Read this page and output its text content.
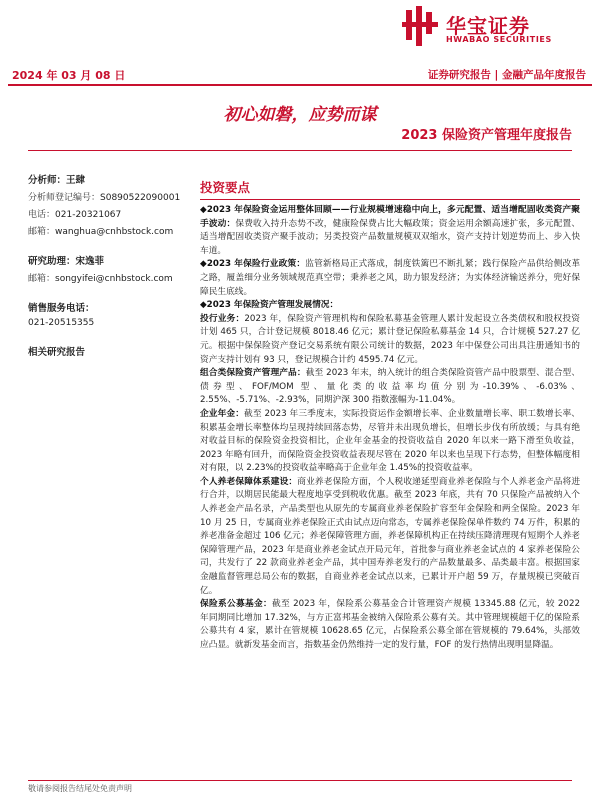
华宝证券
HWABAO SECURITIES
2024 年 03 月 08 日	证券研究报告 | 金融产品年度报告
初心如磐，应势而谋
2023 保险资产管理年度报告
分析师：王肆
分析师登记编号：S0890522090001
电话：021-20321067
邮箱：wanghua@cnhbstock.com
研究助理：宋逸菲
邮箱：songyifei@cnhbstock.com
销售服务电话：
021-20515355
相关研究报告
投资要点

◆2023 年保险资金运用整体回顾——行业规模增速稳中向上，多元配置、适当增配固收类资产聚手波动：保费收入持升态势不改，健康险保费占比大幅政策；资金运用余额高速扩张，多元配置、适当增配固收类资产聚手波动；另类投资产品数量规模双双缩水，资产支持计划逆势而上、步入快车道。

◆2023 年保险行业政策：监管新格局正式落成，制度铁篱巴不断扎紧；践行保险产品供给侧改革之路，履盖细分业务领域规范真空带；秉养老之风，助力银发经济；为实体经济输送养分，兜好保障民生底线。

◆2023 年保险资产管理发展情况：

投行业务：2023 年，保险资产管理机构和保险私募基金管理人累计发起设立各类债权和股权投资计划 465 只，合计登记规模 8018.46 亿元；累计登记保险私募基金 14 只，合计规模 527.27 亿元。根据中保保险资产登记交易系统有限公司统计的数据，2023 年中保登公司出具注册通知书的资产支持计划有 93 只，登记规模合计约 4595.74 亿元。

组合类保险资产管理产品：截至 2023 年末，纳入统计的组合类保险资管产品中股票型、混合型、债券型、FOF/MOM 型、量化类的收益率均值分别为-10.39%、-6.03%、2.55%、-5.71%、-2.93%，同期沪深 300 指数涨幅为-11.04%。

企业年金：截至 2023 年三季度末，实际投资运作金额增长率、企业数量增长率、职工数增长率、积累基金增长率整体均呈现持续回落态势，尽管并未出现负增长，但增长步伐有所放缓；与具有绝对收益目标的保险资金投资相比，企业年金基金的投资收益自 2020 年以来一路下滑至负收益，2023 年略有回升，而保险资金投资收益表现尽管在 2020 年以来也呈现下行态势，但整体幅度相对有限，以 2.23%的投资收益率略高于企业年金 1.45%的投资收益率。

个人养老保障体系建设：商业养老保险方面，个人税收递延型商业养老保险与个人养老金产品将进行合并，以期居民能最大程度地享受到税收优惠。截至 2023 年底，共有 70 只保险产品被纳入个人养老金产品名录，产品类型也从原先的专属商业养老保险扩容至年金保险和两全保险。2023 年 10 月 25 日，专属商业养老保险正式由试点迈向常态，专属养老保险保单件数约 74 万件，积累的养老准备金超过 106 亿元；养老保障管理方面，养老保障机构正在持续压降清理现有短期个人养老保障管理产品，2023 年是商业养老金试点开局元年，首批参与商业养老金试点的 4 家养老保险公司，共发行了 22 款商业养老金产品，其中国寿养老发行的产品数量最多、品类最丰富。根据国家金融监督管理总局公布的数据，自商业养老金试点以来，已累计开户超 59 万，存量规模已突破百亿。

保险系公募基金：截至 2023 年，保险系公募基金合计管理资产规模 13345.88 亿元，较 2022 年同期同比增加 17.32%，与方正富邦基金被纳入保险系公募有关。其中管理规模超千亿的保险系公募共有 4 家，累计在管规模 10628.65 亿元，占保险系公募全部在管规模的 79.64%，头部效应凸显。就新发基金而言，指数基金仍然维持一定的发行量，FOF 的发行热情出现明显降温。

敬请参阅报告结尾处免责声明
